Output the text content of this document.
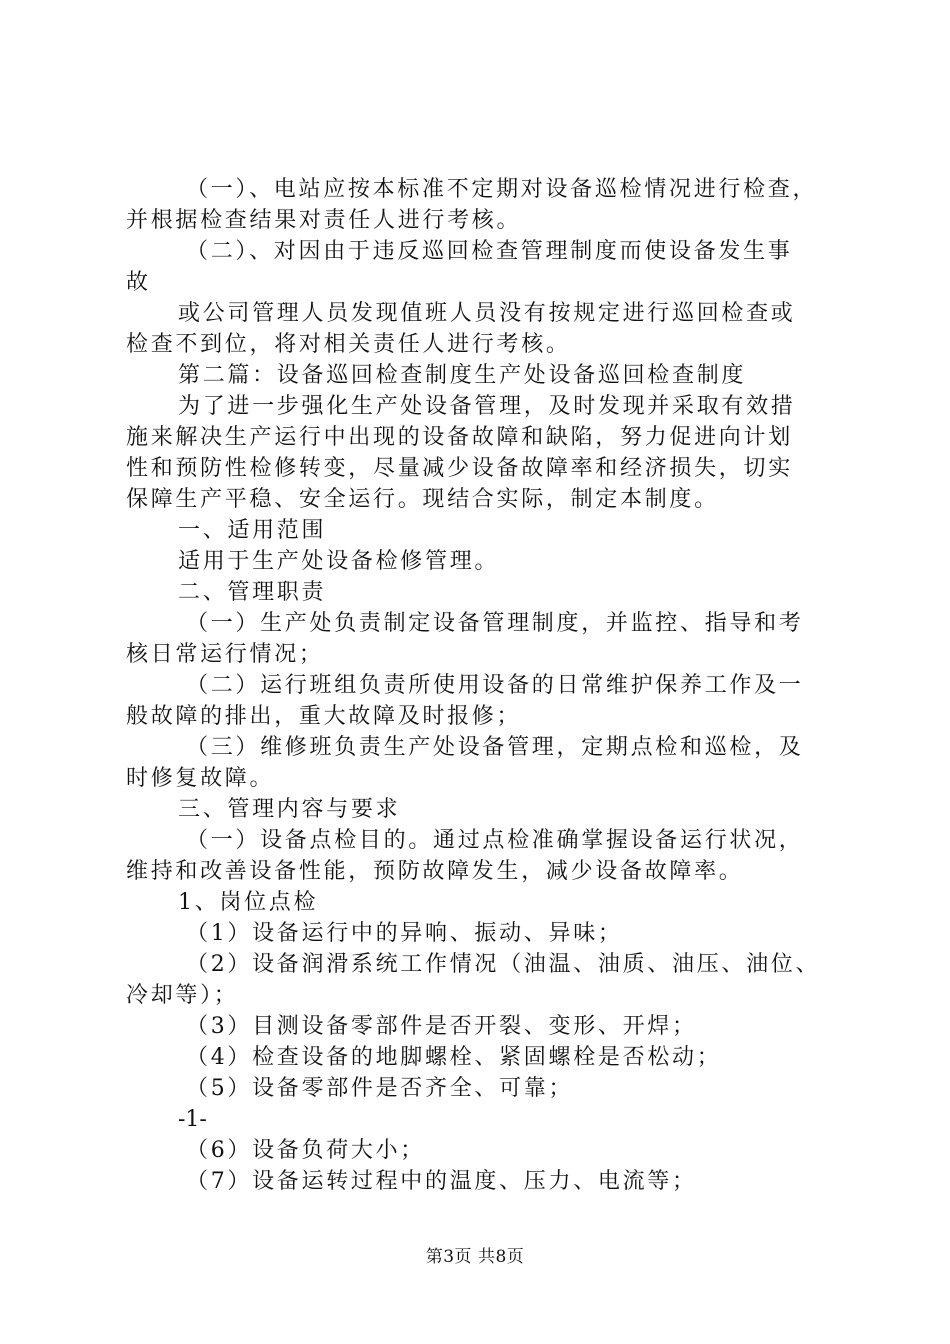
（一）、电站应按本标准不定期对设备巡检情况进行检查，
并根据检查结果对责任人进行考核。
（二）、对因由于违反巡回检查管理制度而使设备发生事
故
或公司管理人员发现值班人员没有按规定进行巡回检查或
检查不到位，将对相关责任人进行考核。
第二篇：设备巡回检查制度生产处设备巡回检查制度
为了进一步强化生产处设备管理，及时发现并采取有效措
施来解决生产运行中出现的设备故障和缺陷，努力促进向计划
性和预防性检修转变，尽量减少设备故障率和经济损失，切实
保障生产平稳、安全运行。现结合实际，制定本制度。
一、适用范围
适用于生产处设备检修管理。
二、管理职责
（一）生产处负责制定设备管理制度，并监控、指导和考
核日常运行情况；
（二）运行班组负责所使用设备的日常维护保养工作及一
般故障的排出，重大故障及时报修；
（三）维修班负责生产处设备管理，定期点检和巡检，及
时修复故障。
三、管理内容与要求
（一）设备点检目的。通过点检准确掌握设备运行状况，
维持和改善设备性能，预防故障发生，减少设备故障率。
1、岗位点检
（1）设备运行中的异响、振动、异味；
（2）设备润滑系统工作情况（油温、油质、油压、油位、
冷却等）；
（3）目测设备零部件是否开裂、变形、开焊；
（4）检查设备的地脚螺栓、紧固螺栓是否松动；
（5）设备零部件是否齐全、可靠；
-1-
（6）设备负荷大小；
（7）设备运转过程中的温度、压力、电流等；
第3页 共8页
